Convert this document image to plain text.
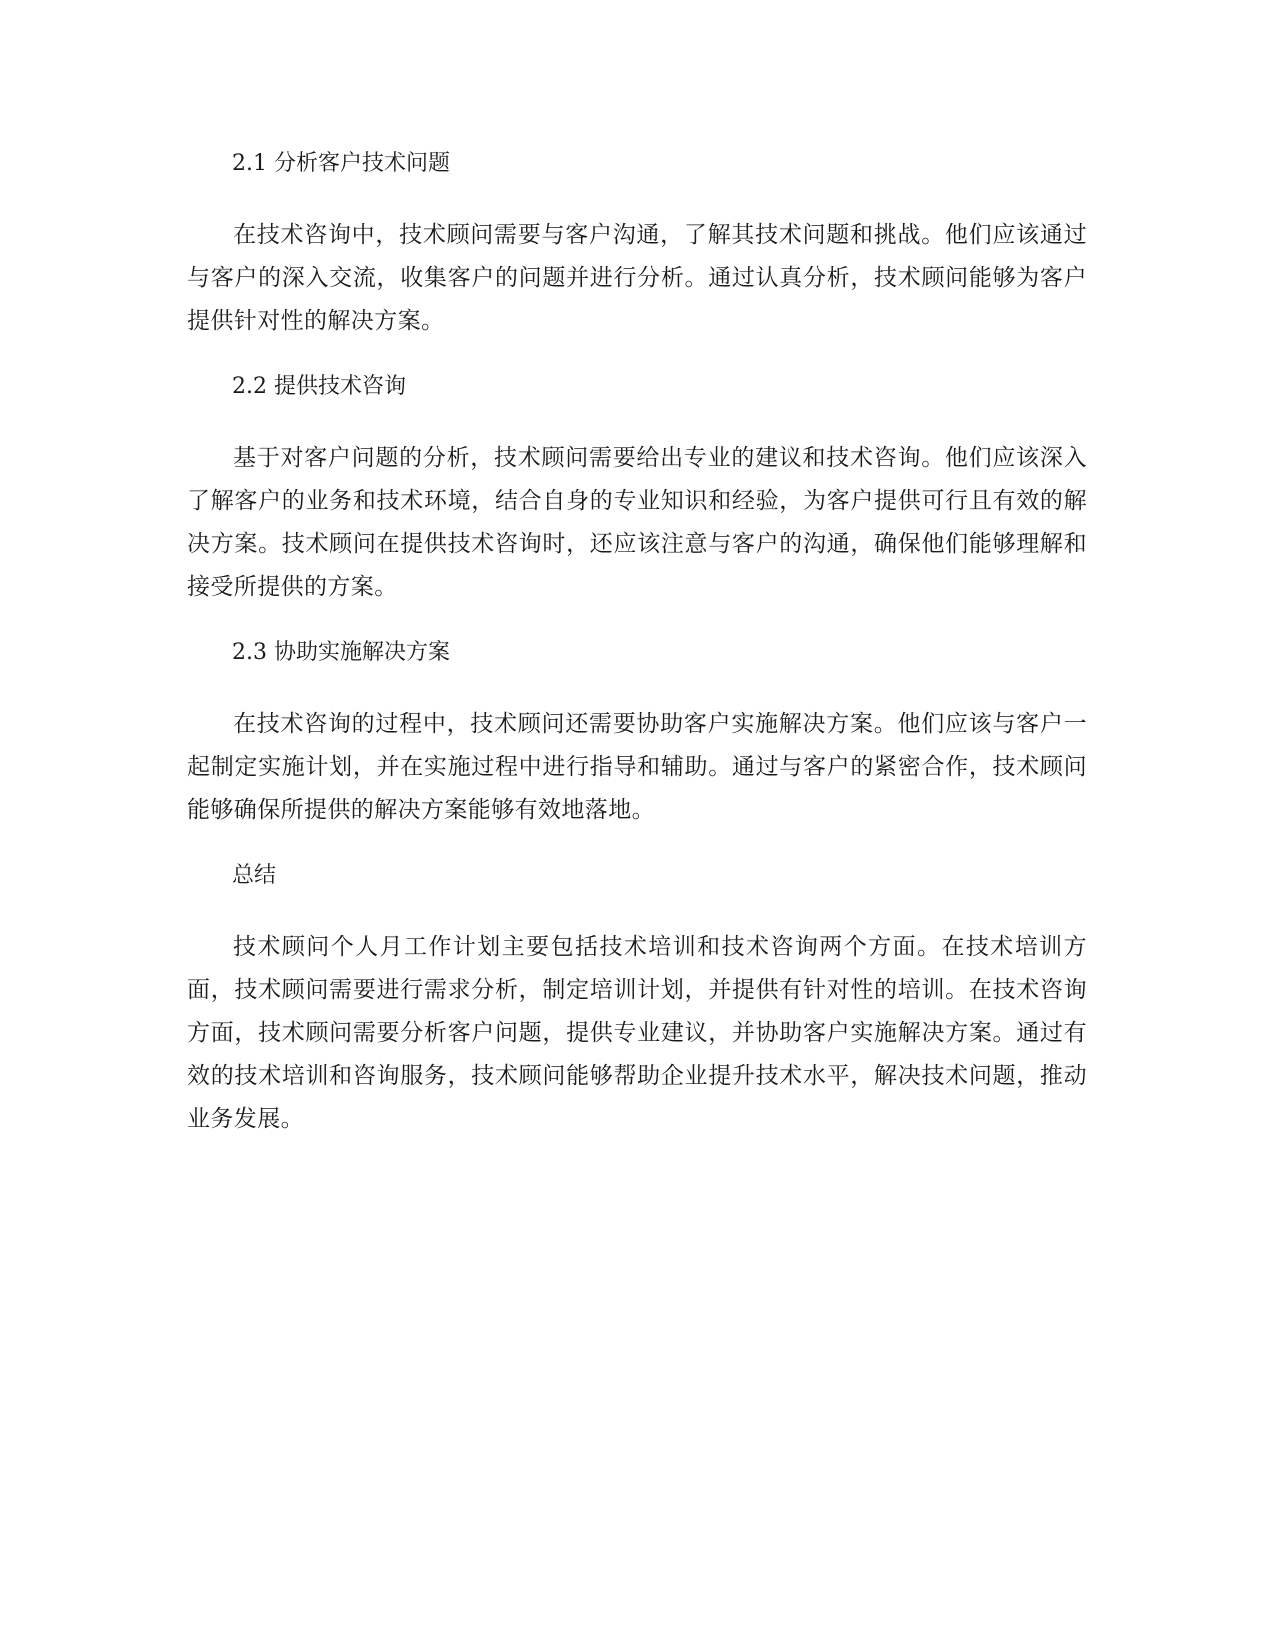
2.1 分析客户技术问题

在技术咨询中，技术顾问需要与客户沟通，了解其技术问题和挑战。他们应该通过与客户的深入交流，收集客户的问题并进行分析。通过认真分析，技术顾问能够为客户提供针对性的解决方案。

2.2 提供技术咨询

基于对客户问题的分析，技术顾问需要给出专业的建议和技术咨询。他们应该深入了解客户的业务和技术环境，结合自身的专业知识和经验，为客户提供可行且有效的解决方案。技术顾问在提供技术咨询时，还应该注意与客户的沟通，确保他们能够理解和接受所提供的方案。

2.3 协助实施解决方案

在技术咨询的过程中，技术顾问还需要协助客户实施解决方案。他们应该与客户一起制定实施计划，并在实施过程中进行指导和辅助。通过与客户的紧密合作，技术顾问能够确保所提供的解决方案能够有效地落地。

总结

技术顾问个人月工作计划主要包括技术培训和技术咨询两个方面。在技术培训方面，技术顾问需要进行需求分析，制定培训计划，并提供有针对性的培训。在技术咨询方面，技术顾问需要分析客户问题，提供专业建议，并协助客户实施解决方案。通过有效的技术培训和咨询服务，技术顾问能够帮助企业提升技术水平，解决技术问题，推动业务发展。
